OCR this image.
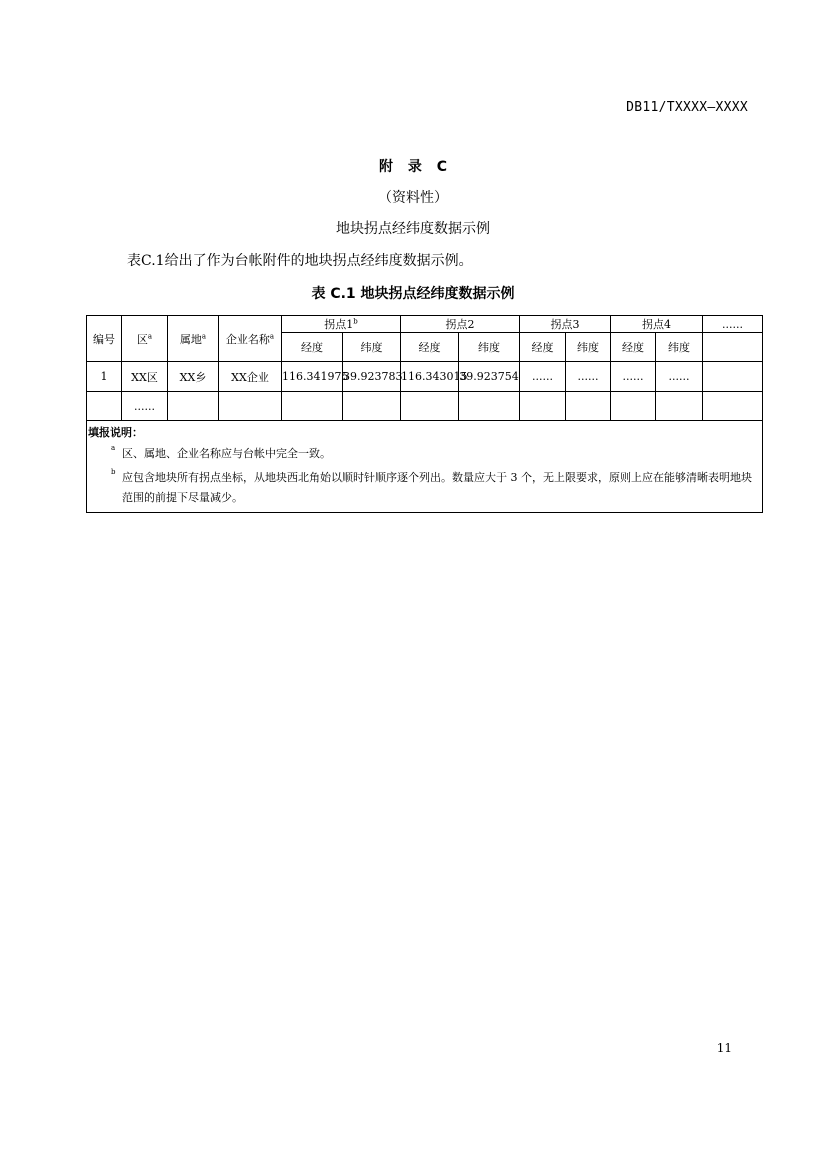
DB11/TXXXX—XXXX
附 录 C
（资料性）
地块拐点经纬度数据示例
表C.1给出了作为台帐附件的地块拐点经纬度数据示例。
表 C.1 地块拐点经纬度数据示例
编号	区$^a$	属地$^a$	企业名称$^a$	拐点1$^b$		拐点2		拐点3		拐点4		......
				经度	纬度	经度	纬度	经度	纬度	经度	纬度	
1	XX区	XX乡	XX企业	116.341975	39.923783	116.343015	39.923754	......	......	......	......	
	......											

填报说明：
a 区、属地、企业名称应与台帐中完全一致。
b 应包含地块所有拐点坐标，从地块西北角始以顺时针顺序逐个列出。数量应大于 3 个，无上限要求，原则上应在能够清晰表明地块范围的前提下尽量减少。												
11
